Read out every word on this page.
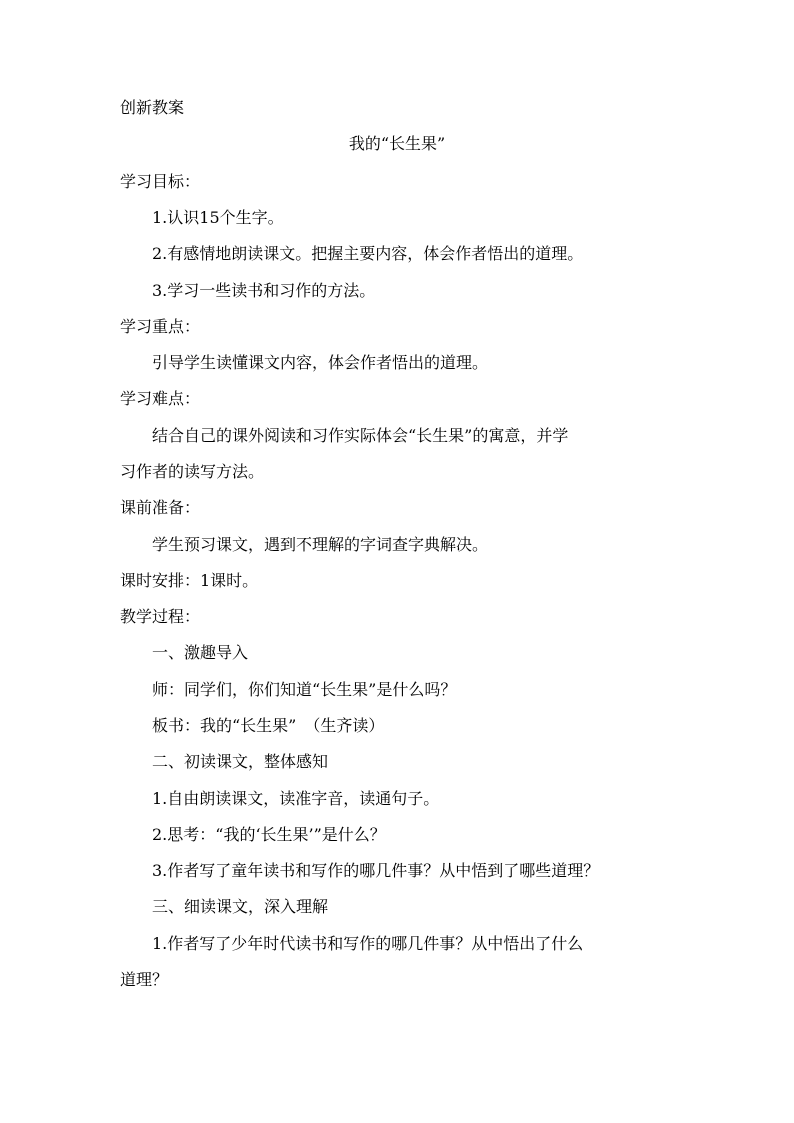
创新教案
我的“长生果”
学习目标：
1.认识15个生字。
2.有感情地朗读课文。把握主要内容，体会作者悟出的道理。
3.学习一些读书和习作的方法。
学习重点：
引导学生读懂课文内容，体会作者悟出的道理。
学习难点：
结合自己的课外阅读和习作实际体会“长生果”的寓意，并学
习作者的读写方法。
课前准备：
学生预习课文，遇到不理解的字词查字典解决。
课时安排：1课时。
教学过程：
一、激趣导入
师：同学们，你们知道“长生果”是什么吗？
板书：我的“长生果”　（生齐读）
二、初读课文，整体感知
1.自由朗读课文，读准字音，读通句子。
2.思考：“我的‘长生果’”是什么？
3.作者写了童年读书和写作的哪几件事？从中悟到了哪些道理？
三、细读课文，深入理解
1.作者写了少年时代读书和写作的哪几件事？从中悟出了什么
道理？
